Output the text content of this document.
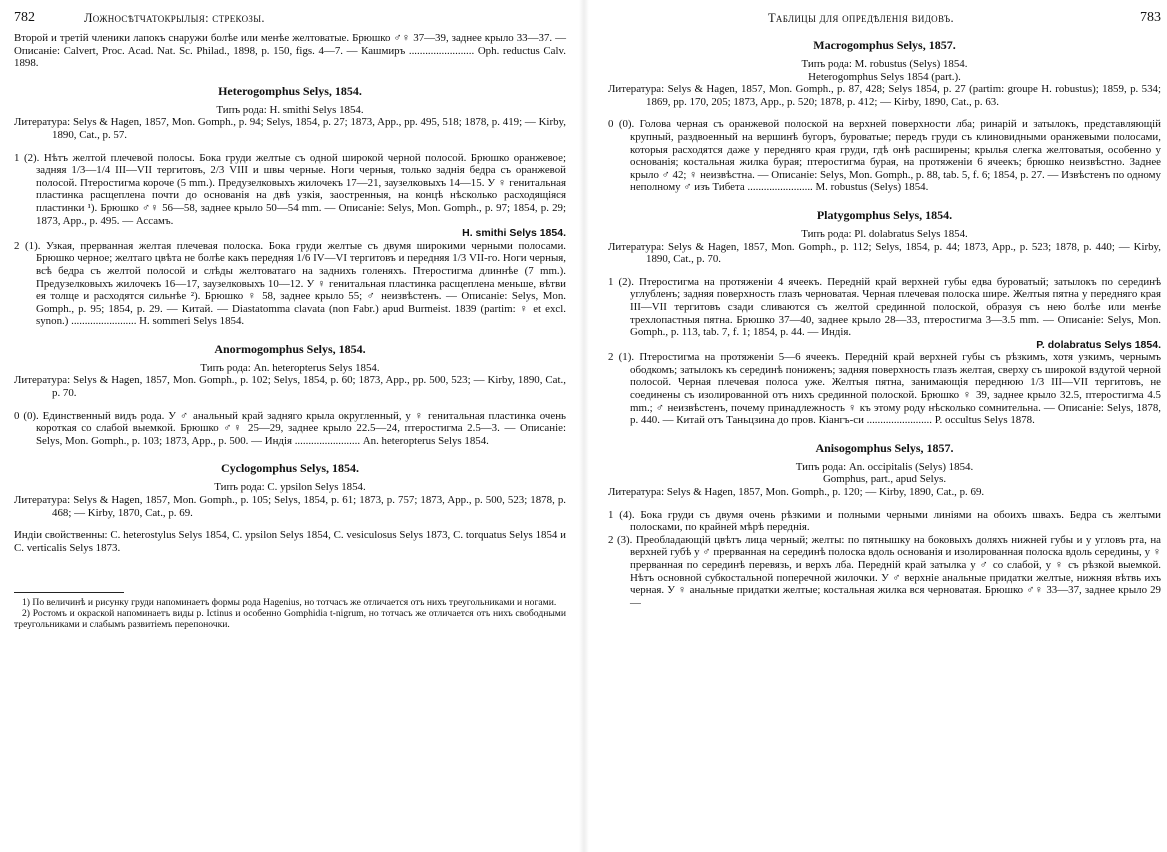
782	Ложносѣтчатокрылыя: стрекозы.

Второй и третій членики лапокъ снаружи болѣе или менѣе желтоватые. Брюшко ♂♀ 37—39, заднее крыло 33—37. — Описаніе: Calvert, Proc. Acad. Nat. Sc. Philad., 1898, p. 150, figs. 4—7. — Кашмиръ ........................ Oph. reductus Calv. 1898.

Heterogomphus Selys, 1854.

Типъ рода: H. smithi Selys 1854.

Литература: Selys & Hagen, 1857, Mon. Gomph., p. 94; Selys, 1854, p. 27; 1873, App., pp. 495, 518; 1878, p. 419; — Kirby, 1890, Cat., p. 57.

1 (2). Нѣтъ желтой плечевой полосы. Бока груди желтые съ одной широкой черной полосой. Брюшко оранжевое; задняя 1/3—1/4 III—VII тергитовъ, 2/3 VIII и швы черные. Ноги черныя, только заднія бедра съ оранжевой полосой. Птеростигма короче (5 mm.). Предузелковыхъ жилочекъ 17—21, заузелковыхъ 14—15. У ♀ генитальная пластинка расщеплена почти до основанія на двѣ узкія, заостренныя, на концѣ нѣсколько расходящіяся пластинки ¹). Брюшко ♂♀ 56—58, заднее крыло 50—54 mm. — Описаніе: Selys, Mon. Gomph., p. 97; 1854, p. 29; 1873, App., p. 495. — Ассамъ.

H. smithi Selys 1854.

2 (1). Узкая, прерванная желтая плечевая полоска. Бока груди желтые съ двумя широкими черными полосами. Брюшко черное; желтаго цвѣта не болѣе какъ передняя 1/6 IV—VI тергитовъ и передняя 1/3 VII-го. Ноги черныя, всѣ бедра съ желтой полосой и слѣды желтоватаго на заднихъ голеняхъ. Птеростигма длиннѣе (7 mm.). Предузелковыхъ жилочекъ 16—17, заузелковыхъ 10—12. У ♀ генитальная пластинка расщеплена меньше, вѣтви ея толще и расходятся сильнѣе ²). Брюшко ♀ 58, заднее крыло 55; ♂ неизвѣстенъ. — Описаніе: Selys, Mon. Gomph., p. 95; 1854, p. 29. — Китай. — Diastatomma clavata (non Fabr.) apud Burmeist. 1839 (partim: ♀ et excl. synon.) ........................ H. sommeri Selys 1854.

Anormogomphus Selys, 1854.

Типъ рода: An. heteropterus Selys 1854.

Литература: Selys & Hagen, 1857, Mon. Gomph., p. 102; Selys, 1854, p. 60; 1873, App., pp. 500, 523; — Kirby, 1890, Cat., p. 70.

0 (0). Единственный видъ рода. У ♂ анальный край задняго крыла округленный, у ♀ генитальная пластинка очень короткая со слабой выемкой. Брюшко ♂♀ 25—29, заднее крыло 22.5—24, птеростигма 2.5—3. — Описаніе: Selys, Mon. Gomph., p. 103; 1873, App., p. 500. — Индія ........................ An. heteropterus Selys 1854.

Cyclogomphus Selys, 1854.

Типъ рода: C. ypsilon Selys 1854.

Литература: Selys & Hagen, 1857, Mon. Gomph., p. 105; Selys, 1854, p. 61; 1873, p. 757; 1873, App., p. 500, 523; 1878, p. 468; — Kirby, 1870, Cat., p. 69.

Индіи свойственны: C. heterostylus Selys 1854, C. ypsilon Selys 1854, C. vesiculosus Selys 1873, C. torquatus Selys 1854 и C. verticalis Selys 1873.

1) По величинѣ и рисунку груди напоминаетъ формы рода Hagenius, но тотчасъ же отличается отъ нихъ треугольниками и ногами.

2) Ростомъ и окраской напоминаетъ виды р. Ictinus и особенно Gomphidia t-nigrum, но тотчасъ же отличается отъ нихъ свободными треугольниками и слабымъ развитіемъ перепоночки.

Таблицы для опредѣленія видовъ.	783

Macrogomphus Selys, 1857.

Типъ рода: M. robustus (Selys) 1854.

Heterogomphus Selys 1854 (part.).

Литература: Selys & Hagen, 1857, Mon. Gomph., p. 87, 428; Selys 1854, p. 27 (partim: groupe H. robustus); 1859, p. 534; 1869, pp. 170, 205; 1873, App., p. 520; 1878, p. 412; — Kirby, 1890, Cat., p. 63.

0 (0). Голова черная съ оранжевой полоской на верхней поверхности лба; ринарій и затылокъ, представляющій крупный, раздвоенный на вершинѣ бугоръ, буроватые; передъ груди съ клиновидными оранжевыми полосами, которыя расходятся даже у передняго края груди, гдѣ онѣ расширены; крылья слегка желтоватыя, особенно у основанія; костальная жилка бурая; птеростигма бурая, на протяженіи 6 ячеекъ; брюшко неизвѣстно. Заднее крыло ♂ 42; ♀ неизвѣстна. — Описаніе: Selys, Mon. Gomph., p. 88, tab. 5, f. 6; 1854, p. 27. — Извѣстенъ по одному неполному ♂ изъ Тибета ........................ M. robustus (Selys) 1854.

Platygomphus Selys, 1854.

Типъ рода: Pl. dolabratus Selys 1854.

Литература: Selys & Hagen, 1857, Mon. Gomph., p. 112; Selys, 1854, p. 44; 1873, App., p. 523; 1878, p. 440; — Kirby, 1890, Cat., p. 70.

1 (2). Птеростигма на протяженіи 4 ячеекъ. Передній край верхней губы едва буроватый; затылокъ по серединѣ углубленъ; задняя поверхность глазъ черноватая. Черная плечевая полоска шире. Желтыя пятна у передняго края III—VII тергитовъ сзади сливаются съ желтой срединной полоской, образуя съ нею болѣе или менѣе трехлопастныя пятна. Брюшко 37—40, заднее крыло 28—33, птеростигма 3—3.5 mm. — Описаніе: Selys, Mon. Gomph., p. 113, tab. 7, f. 1; 1854, p. 44. — Индія.

P. dolabratus Selys 1854.

2 (1). Птеростигма на протяженіи 5—6 ячеекъ. Передній край верхней губы съ рѣзкимъ, хотя узкимъ, чернымъ ободкомъ; затылокъ къ серединѣ пониженъ; задняя поверхность глазъ желтая, сверху съ широкой вздутой черной полосой. Черная плечевая полоса уже. Желтыя пятна, занимающія переднюю 1/3 III—VII тергитовъ, не соединены съ изолированной отъ нихъ срединной полоской. Брюшко ♀ 39, заднее крыло 32.5, птеростигма 4.5 mm.; ♂ неизвѣстенъ, почему принадлежность ♀ къ этому роду нѣсколько сомнительна. — Описаніе: Selys, 1878, p. 440. — Китай отъ Таньцзина до пров. Кіангъ-си ........................ P. occultus Selys 1878.

Anisogomphus Selys, 1857.

Типъ рода: An. occipitalis (Selys) 1854.

Gomphus, part., apud Selys.

Литература: Selys & Hagen, 1857, Mon. Gomph., p. 120; — Kirby, 1890, Cat., p. 69.

1 (4). Бока груди съ двумя очень рѣзкими и полными черными линіями на обоихъ швахъ. Бедра съ желтыми полосками, по крайней мѣрѣ переднія.

2 (3). Преобладающій цвѣтъ лица черный; желты: по пятнышку на боковыхъ доляхъ нижней губы и у угловъ рта, на верхней губѣ у ♂ прерванная на серединѣ полоска вдоль основанія и изолированная полоска вдоль середины, у ♀ прерванная по серединѣ перевязь, и верхъ лба. Передній край затылка у ♂ со слабой, у ♀ съ рѣзкой выемкой. Нѣтъ основной субкостальной поперечной жилочки. У ♂ верхніе анальные придатки желтые, нижняя вѣтвь ихъ черная. У ♀ анальные придатки желтые; костальная жилка вся черноватая. Брюшко ♂♀ 33—37, заднее крыло 29—
